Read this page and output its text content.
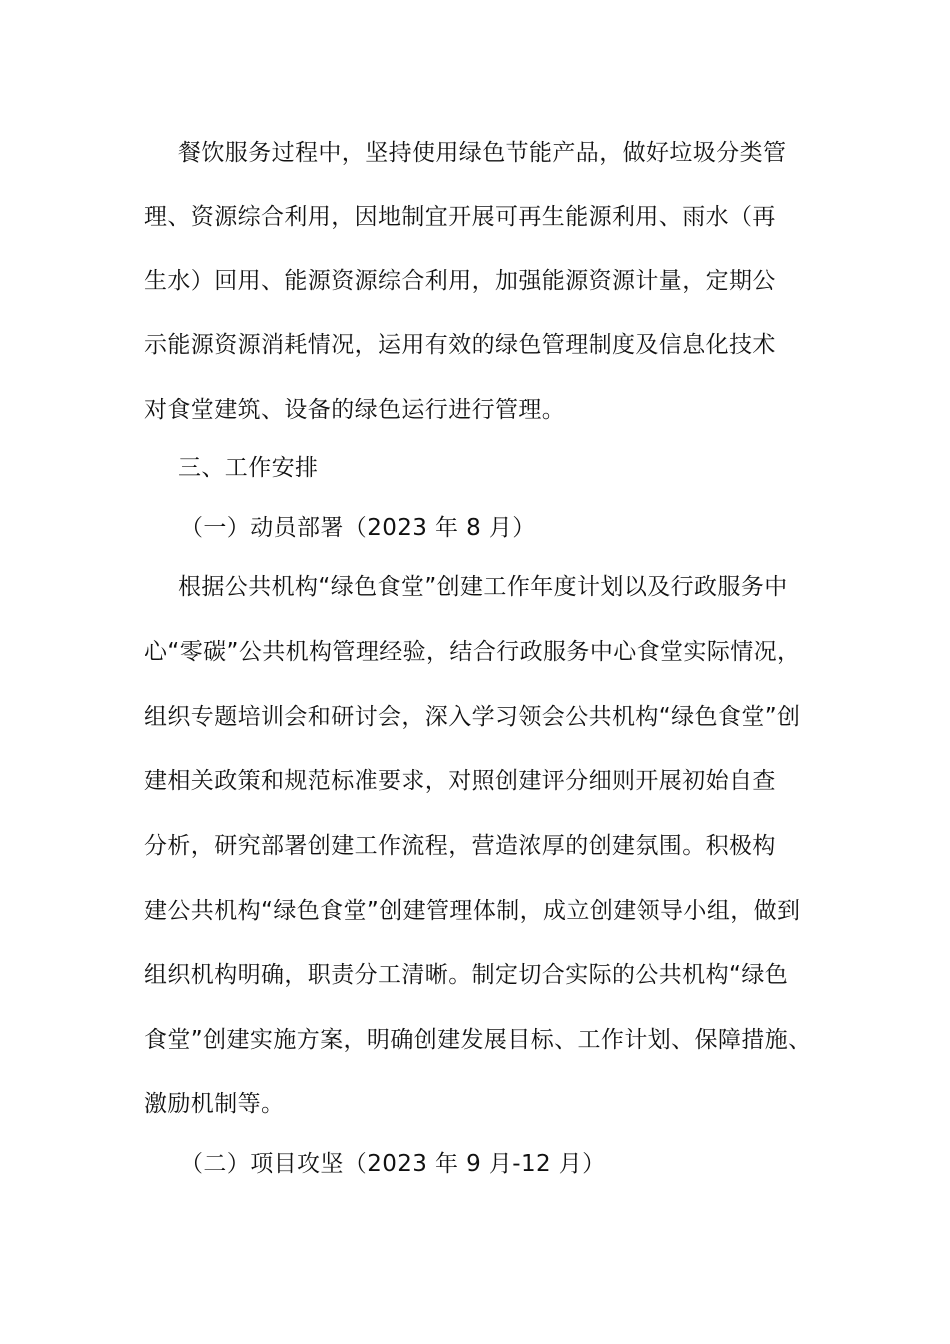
餐饮服务过程中，坚持使用绿色节能产品，做好垃圾分类管
理、资源综合利用，因地制宜开展可再生能源利用、雨水（再
生水）回用、能源资源综合利用，加强能源资源计量，定期公
示能源资源消耗情况，运用有效的绿色管理制度及信息化技术
对食堂建筑、设备的绿色运行进行管理。
三、工作安排
（一）动员部署（2023 年 8 月）
根据公共机构“绿色食堂”创建工作年度计划以及行政服务中
心“零碳”公共机构管理经验，结合行政服务中心食堂实际情况，
组织专题培训会和研讨会，深入学习领会公共机构“绿色食堂”创
建相关政策和规范标准要求，对照创建评分细则开展初始自查
分析，研究部署创建工作流程，营造浓厚的创建氛围。积极构
建公共机构“绿色食堂”创建管理体制，成立创建领导小组，做到
组织机构明确，职责分工清晰。制定切合实际的公共机构“绿色
食堂”创建实施方案，明确创建发展目标、工作计划、保障措施、
激励机制等。
（二）项目攻坚（2023 年 9 月-12 月）
